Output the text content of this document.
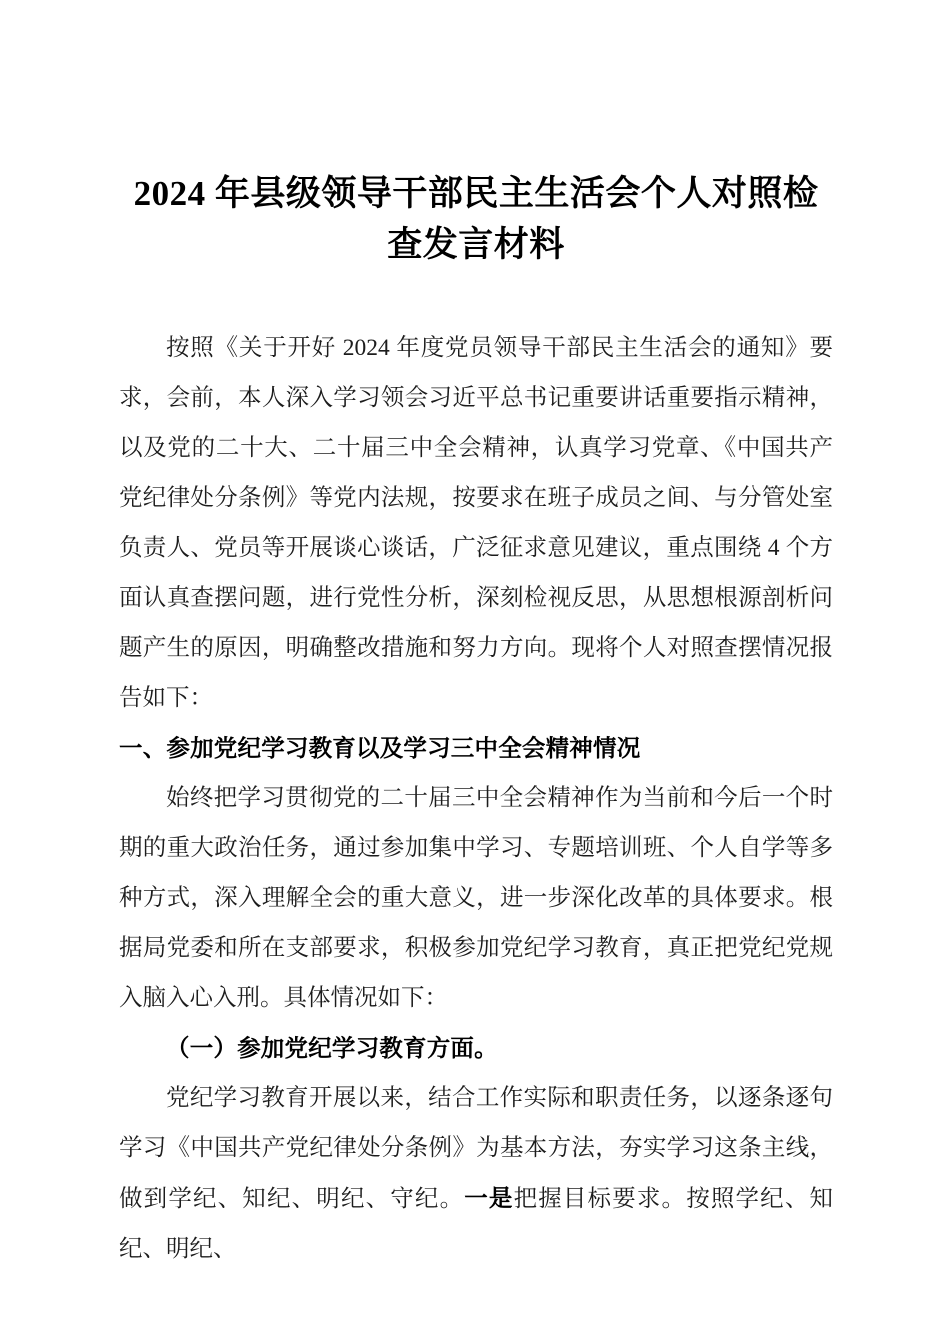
2024 年县级领导干部民主生活会个人对照检
查发言材料

按照《关于开好 2024 年度党员领导干部民主生活会的通知》要求，会前，本人深入学习领会习近平总书记重要讲话重要指示精神，以及党的二十大、二十届三中全会精神，认真学习党章、《中国共产党纪律处分条例》等党内法规，按要求在班子成员之间、与分管处室负责人、党员等开展谈心谈话，广泛征求意见建议，重点围绕 4 个方面认真查摆问题，进行党性分析，深刻检视反思，从思想根源剖析问题产生的原因，明确整改措施和努力方向。现将个人对照查摆情况报告如下：

一、参加党纪学习教育以及学习三中全会精神情况

始终把学习贯彻党的二十届三中全会精神作为当前和今后一个时期的重大政治任务，通过参加集中学习、专题培训班、个人自学等多种方式，深入理解全会的重大意义，进一步深化改革的具体要求。根据局党委和所在支部要求，积极参加党纪学习教育，真正把党纪党规入脑入心入刑。具体情况如下：

（一）参加党纪学习教育方面。

党纪学习教育开展以来，结合工作实际和职责任务，以逐条逐句学习《中国共产党纪律处分条例》为基本方法，夯实学习这条主线，做到学纪、知纪、明纪、守纪。一是把握目标要求。按照学纪、知纪、明纪、
